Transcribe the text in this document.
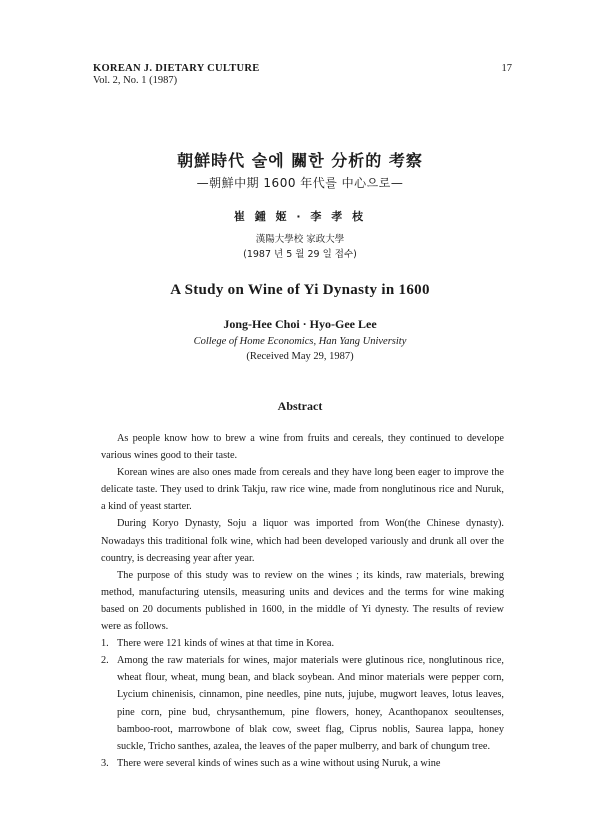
KOREAN J. DIETARY CULTURE
Vol. 2, No. 1 (1987)
17
朝鮮時代 술에 關한 分析的 考察
—朝鮮中期 1600 年代를 中心으로—
崔 鍾 姬 · 李 孝 枝
漢陽大學校 家政大學
(1987 년 5 월 29 일 접수)
A Study on Wine of Yi Dynasty in 1600
Jong-Hee Choi · Hyo-Gee Lee
College of Home Economics, Han Yang University
(Received May 29, 1987)
Abstract

As people know how to brew a wine from fruits and cereals, they continued to develope various wines good to their taste.

Korean wines are also ones made from cereals and they have long been eager to improve the delicate taste. They used to drink Takju, raw rice wine, made from nonglutinous rice and Nuruk, a kind of yeast starter.

During Koryo Dynasty, Soju a liquor was imported from Won(the Chinese dynasty). Nowadays this traditional folk wine, which had been developed variously and drunk all over the country, is decreasing year after year.

The purpose of this study was to review on the wines ; its kinds, raw materials, brewing method, manufacturing utensils, measuring units and devices and the terms for wine making based on 20 documents published in 1600, in the middle of Yi dynesty. The results of review were as follows.

1. There were 121 kinds of wines at that time in Korea.
2. Among the raw materials for wines, major materials were glutinous rice, nonglutinous rice, wheat flour, wheat, mung bean, and black soybean. And minor materials were pepper corn, Lycium chinenisis, cinnamon, pine needles, pine nuts, jujube, mugwort leaves, lotus leaves, pine corn, pine bud, chrysanthemum, pine flowers, honey, Acanthopanox seoultenses, bamboo-root, marrowbone of blak cow, sweet flag, Ciprus noblis, Saurea lappa, honey suckle, Tricho santhes, azalea, the leaves of the paper mulberry, and bark of chungum tree.
3. There were several kinds of wines such as a wine without using Nuruk, a wine
